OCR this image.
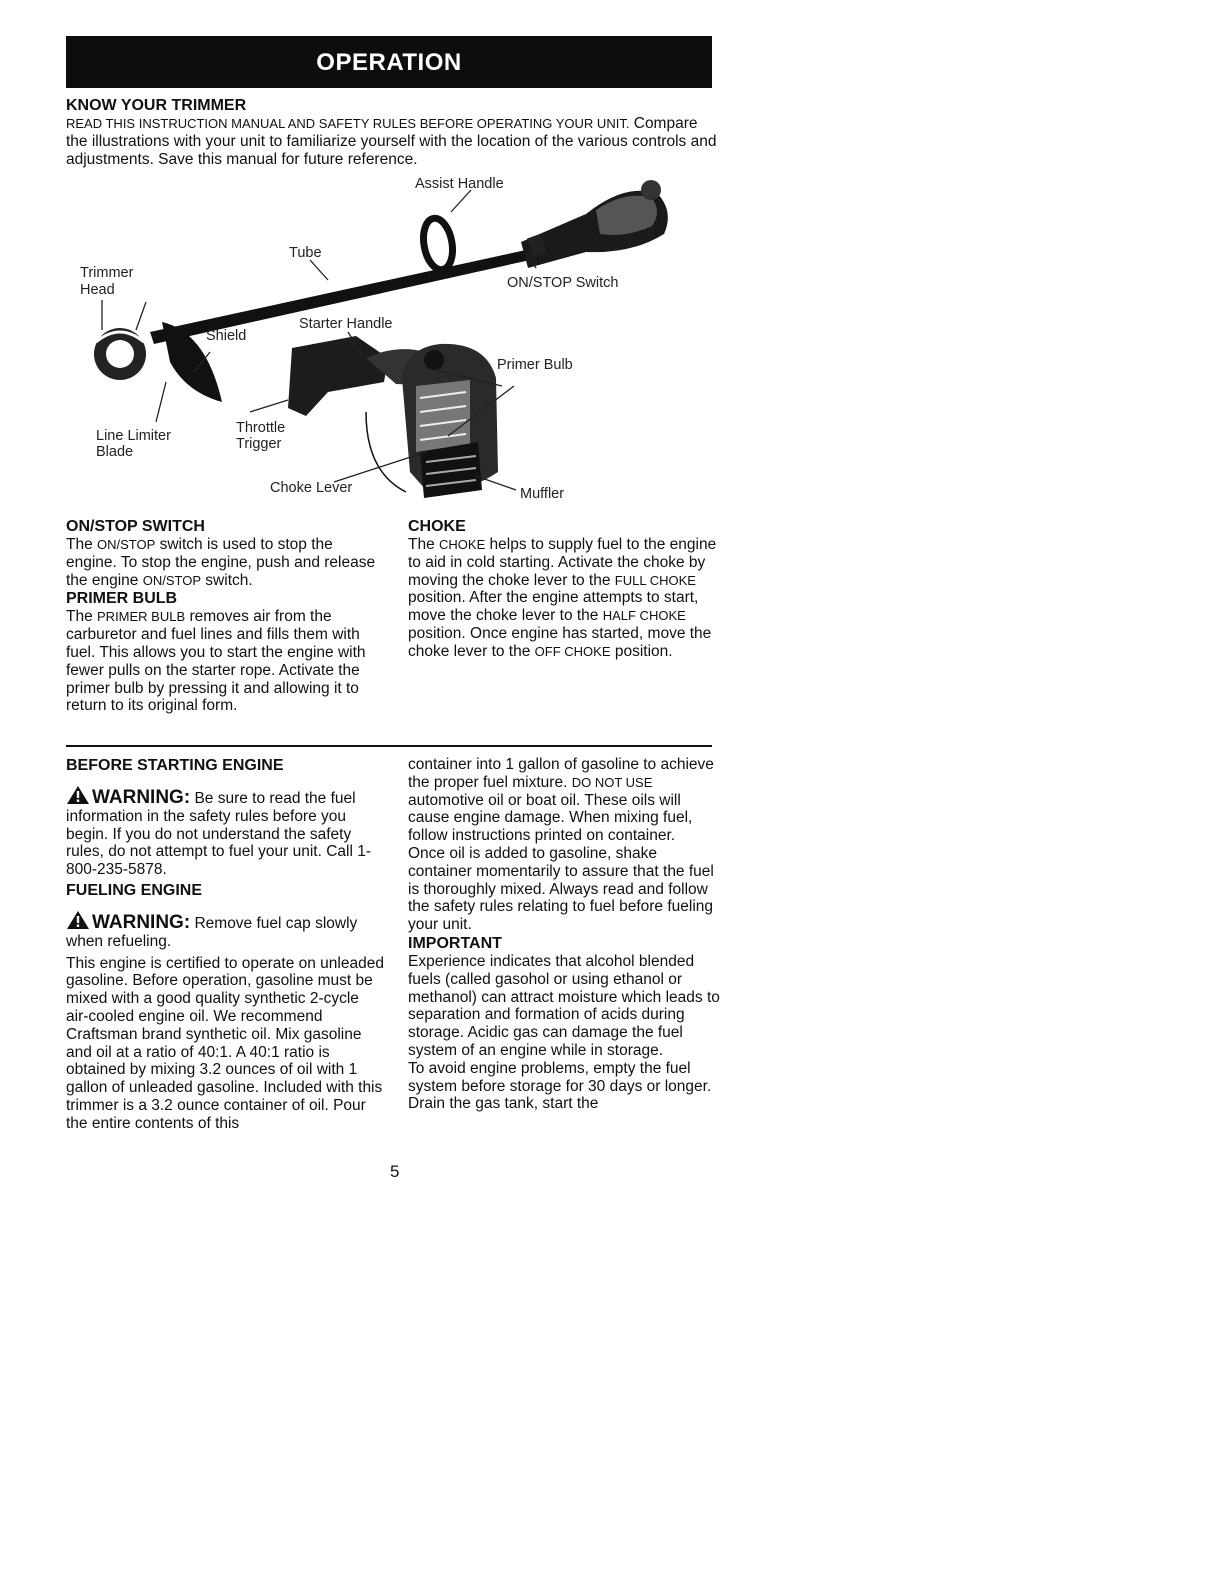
OPERATION

KNOW YOUR TRIMMER

READ THIS INSTRUCTION MANUAL AND SAFETY RULES BEFORE OPERATING YOUR UNIT. Compare the illustrations with your unit to familiarize yourself with the location of the various controls and adjustments. Save this manual for future reference.

Assist Handle
Tube
Trimmer
Head	ON/STOP Switch
Starter Handle
Shield
Primer Bulb
Line Limiter
Blade
Throttle
Trigger
Choke Lever	Muffler

ON/STOP SWITCH

The ON/STOP switch is used to stop the engine. To stop the engine, push and release the engine ON/STOP switch.

PRIMER BULB

The PRIMER BULB removes air from the carburetor and fuel lines and fills them with fuel. This allows you to start the engine with fewer pulls on the starter rope. Activate the primer bulb by pressing it and allowing it to return to its original form.

CHOKE

The CHOKE helps to supply fuel to the engine to aid in cold starting. Activate the choke by moving the choke lever to the FULL CHOKE position. After the engine attempts to start, move the choke lever to the HALF CHOKE position. Once engine has started, move the choke lever to the OFF CHOKE position.

BEFORE STARTING ENGINE

WARNING: Be sure to read the fuel information in the safety rules before you begin. If you do not understand the safety rules, do not attempt to fuel your unit. Call 1-800-235-5878.

FUELING ENGINE

WARNING: Remove fuel cap slowly when refueling.

This engine is certified to operate on unleaded gasoline. Before operation, gasoline must be mixed with a good quality synthetic 2-cycle air-cooled engine oil. We recommend Craftsman brand synthetic oil. Mix gasoline and oil at a ratio of 40:1. A 40:1 ratio is obtained by mixing 3.2 ounces of oil with 1 gallon of unleaded gasoline. Included with this trimmer is a 3.2 ounce container of oil. Pour the entire contents of this

container into 1 gallon of gasoline to achieve the proper fuel mixture. DO NOT USE automotive oil or boat oil. These oils will cause engine damage. When mixing fuel, follow instructions printed on container.

Once oil is added to gasoline, shake container momentarily to assure that the fuel is thoroughly mixed. Always read and follow the safety rules relating to fuel before fueling your unit.

IMPORTANT

Experience indicates that alcohol blended fuels (called gasohol or using ethanol or methanol) can attract moisture which leads to separation and formation of acids during storage. Acidic gas can damage the fuel system of an engine while in storage.

To avoid engine problems, empty the fuel system before storage for 30 days or longer. Drain the gas tank, start the

5
